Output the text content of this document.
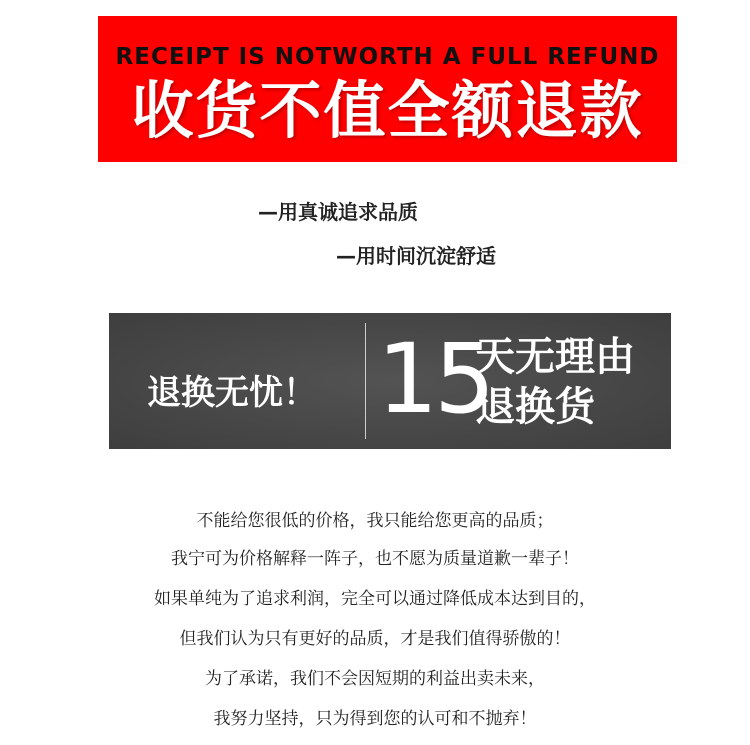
RECEIPT IS NOTWORTH A FULL REFUND
收货不值全额退款
—用真诚追求品质
—用时间沉淀舒适
退换无忧！ 15
天无理由
退换货
不能给您很低的价格，我只能给您更高的品质；
我宁可为价格解释一阵子，也不愿为质量道歉一辈子！
如果单纯为了追求利润，完全可以通过降低成本达到目的，
但我们认为只有更好的品质，才是我们值得骄傲的！
为了承诺，我们不会因短期的利益出卖未来，
我努力坚持，只为得到您的认可和不抛弃！
